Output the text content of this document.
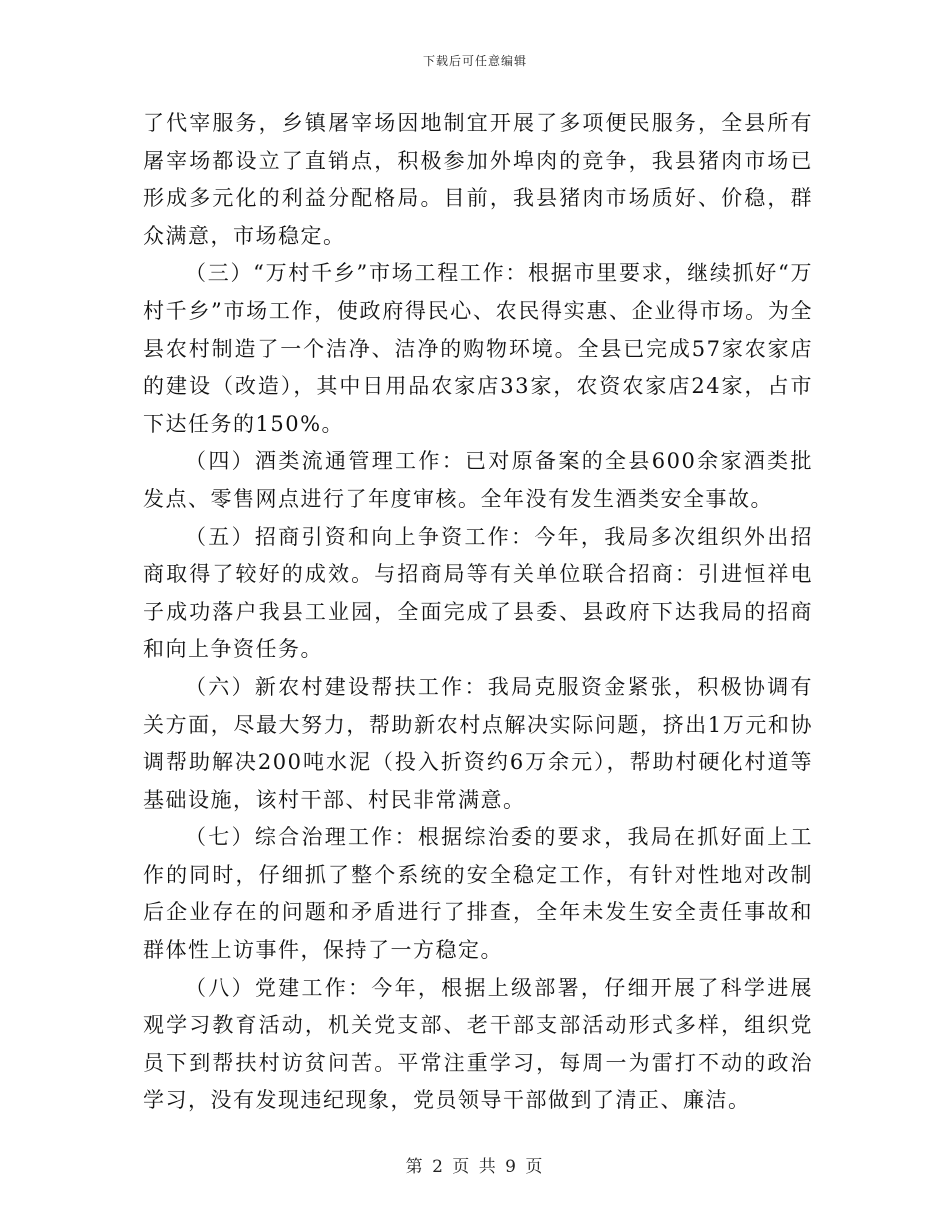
下载后可任意编辑

了代宰服务，乡镇屠宰场因地制宜开展了多项便民服务，全县所有屠宰场都设立了直销点，积极参加外埠肉的竞争，我县猪肉市场已形成多元化的利益分配格局。目前，我县猪肉市场质好、价稳，群众满意，市场稳定。

（三）“万村千乡”市场工程工作：根据市里要求，继续抓好“万村千乡”市场工作，使政府得民心、农民得实惠、企业得市场。为全县农村制造了一个洁净、洁净的购物环境。全县已完成57家农家店的建设（改造），其中日用品农家店33家，农资农家店24家，占市下达任务的150%。

（四）酒类流通管理工作：已对原备案的全县600余家酒类批发点、零售网点进行了年度审核。全年没有发生酒类安全事故。

（五）招商引资和向上争资工作：今年，我局多次组织外出招商取得了较好的成效。与招商局等有关单位联合招商：引进恒祥电子成功落户我县工业园，全面完成了县委、县政府下达我局的招商和向上争资任务。

（六）新农村建设帮扶工作：我局克服资金紧张，积极协调有关方面，尽最大努力，帮助新农村点解决实际问题，挤出1万元和协调帮助解决200吨水泥（投入折资约6万余元），帮助村硬化村道等基础设施，该村干部、村民非常满意。

（七）综合治理工作：根据综治委的要求，我局在抓好面上工作的同时，仔细抓了整个系统的安全稳定工作，有针对性地对改制后企业存在的问题和矛盾进行了排查，全年未发生安全责任事故和群体性上访事件，保持了一方稳定。

（八）党建工作：今年，根据上级部署，仔细开展了科学进展观学习教育活动，机关党支部、老干部支部活动形式多样，组织党员下到帮扶村访贫问苦。平常注重学习，每周一为雷打不动的政治学习，没有发现违纪现象，党员领导干部做到了清正、廉洁。

第 2 页 共 9 页
